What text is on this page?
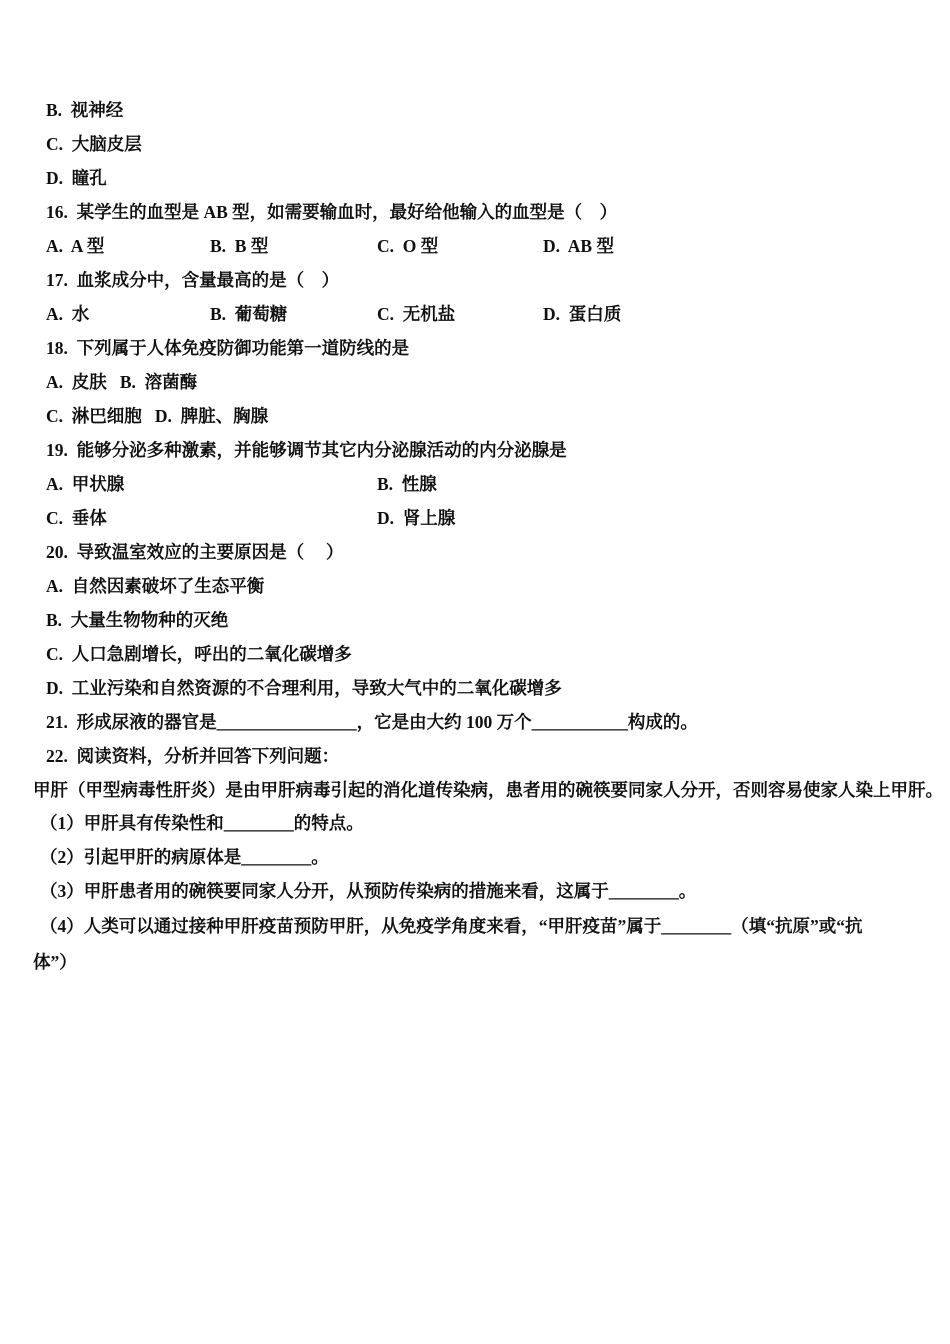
B.  视神经
C.  大脑皮层
D.  瞳孔
16.  某学生的血型是 AB 型，如需要输血时，最好给他输入的血型是（    ）

A.  A 型

	B.  B 型

	C.  O 型

	D.  AB 型

17.  血浆成分中，含量最高的是（    ）

A.  水

	B.  葡萄糖

	C.  无机盐

	D.  蛋白质

18.  下列属于人体免疫防御功能第一道防线的是
A.  皮肤   B.  溶菌酶
C.  淋巴细胞   D.  脾脏、胸腺
19.  能够分泌多种激素，并能够调节其它内分泌腺活动的内分泌腺是

A.  甲状腺

	B.  性腺

C.  垂体

	D.  肾上腺

20.  导致温室效应的主要原因是（     ）
A.  自然因素破坏了生态平衡
B.  大量生物物种的灭绝
C.  人口急剧增长，呼出的二氧化碳增多
D.  工业污染和自然资源的不合理利用，导致大气中的二氧化碳增多
21.  形成尿液的器官是________________，它是由大约 100 万个___________构成的。
22.  阅读资料，分析并回答下列问题：
甲肝（甲型病毒性肝炎）是由甲肝病毒引起的消化道传染病，患者用的碗筷要同家人分开，否则容易使家人染上甲肝。
（1）甲肝具有传染性和________的特点。
（2）引起甲肝的病原体是________。
（3）甲肝患者用的碗筷要同家人分开，从预防传染病的措施来看，这属于________。
（4）人类可以通过接种甲肝疫苗预防甲肝，从免疫学角度来看，“甲肝疫苗”属于________（填“抗原”或“抗
体”）
